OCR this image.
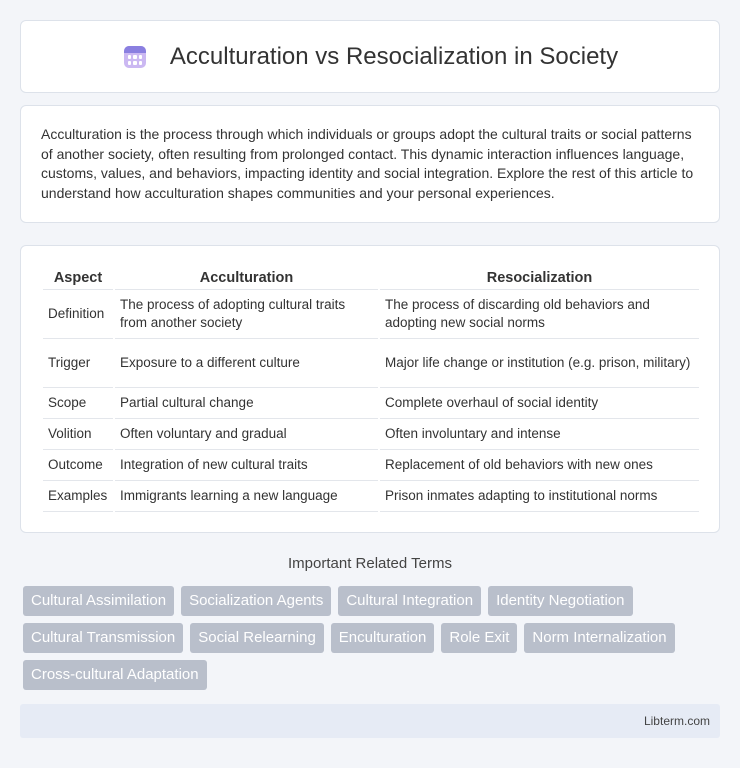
Acculturation vs Resocialization in Society

Acculturation is the process through which individuals or groups adopt the cultural traits or social patterns of another society, often resulting from prolonged contact. This dynamic interaction influences language, customs, values, and behaviors, impacting identity and social integration. Explore the rest of this article to understand how acculturation shapes communities and your personal experiences.

Aspect	Acculturation	Resocialization
Definition	The process of adopting cultural traits from another society	The process of discarding old behaviors and adopting new social norms
Trigger	Exposure to a different culture	Major life change or institution (e.g. prison, military)
Scope	Partial cultural change	Complete overhaul of social identity
Volition	Often voluntary and gradual	Often involuntary and intense
Outcome	Integration of new cultural traits	Replacement of old behaviors with new ones
Examples	Immigrants learning a new language	Prison inmates adapting to institutional norms
Important Related Terms
Cultural Assimilation	Socialization Agents	Cultural Integration	Identity Negotiation
Cultural Transmission	Social Relearning	Enculturation	Role Exit	Norm Internalization
Cross-cultural Adaptation
Libterm.com
